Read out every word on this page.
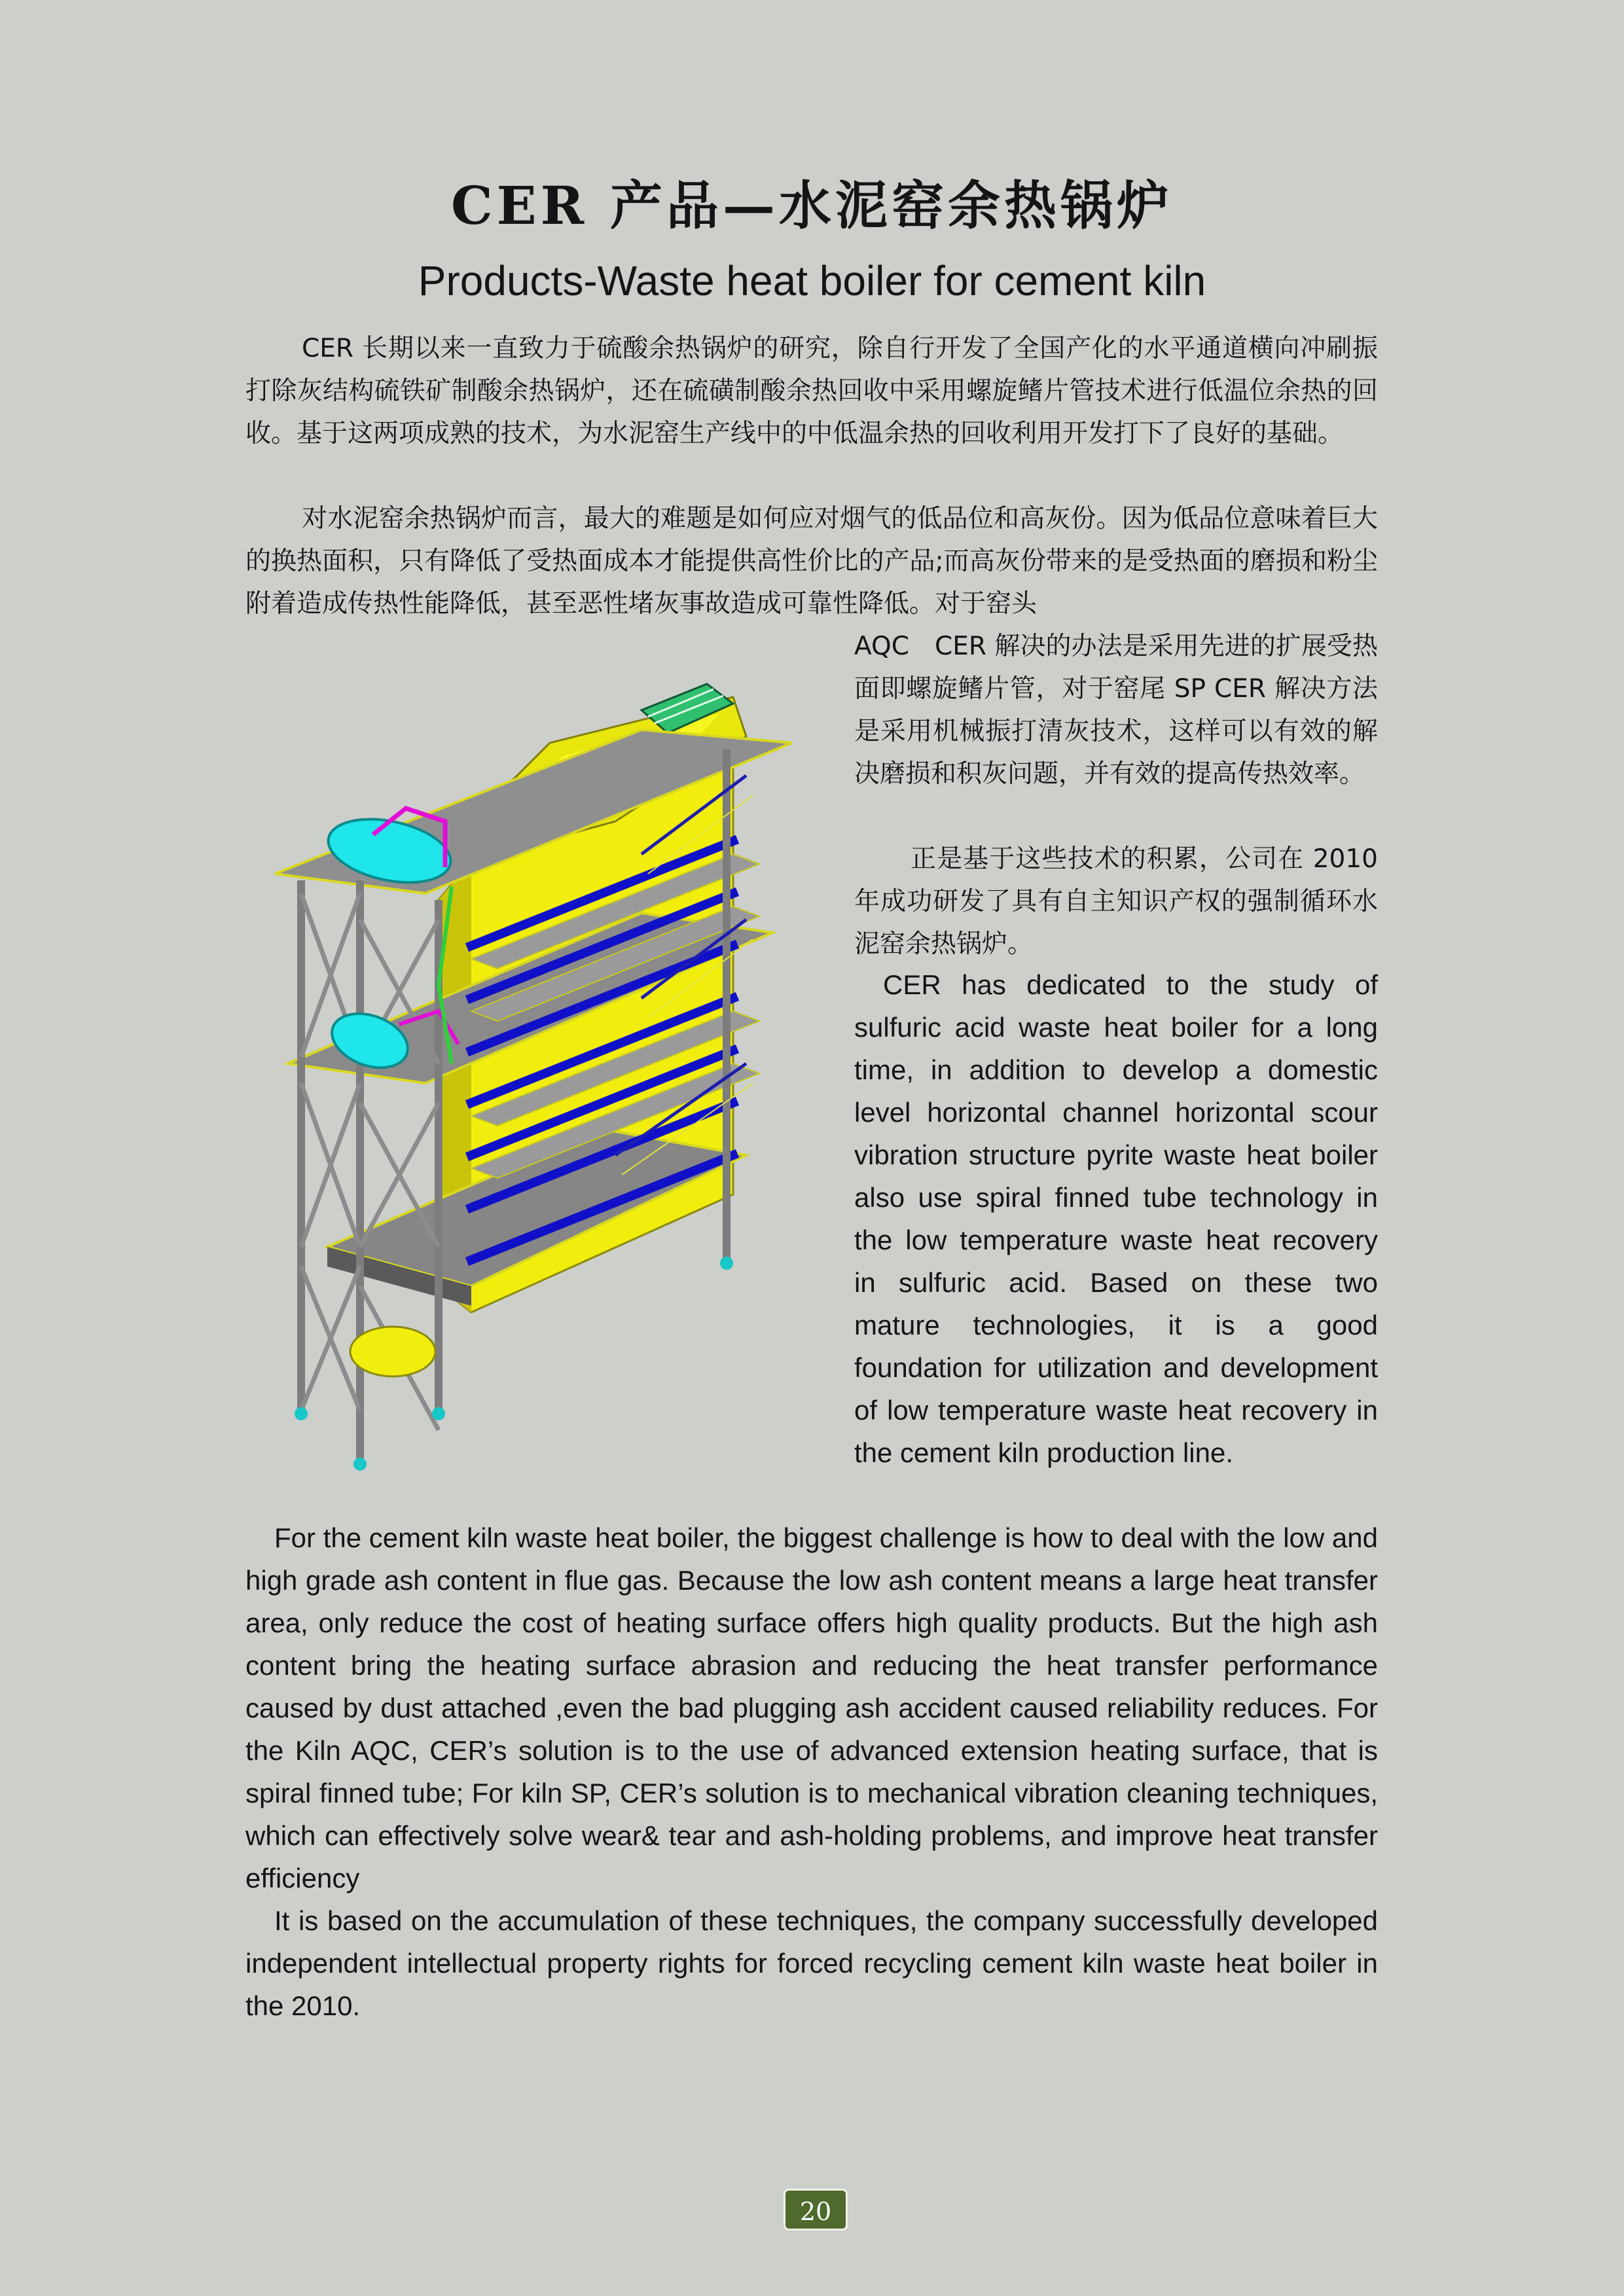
CER 产品—水泥窑余热锅炉
Products-Waste heat boiler for cement kiln

CER 长期以来一直致力于硫酸余热锅炉的研究，除自行开发了全国产化的水平通道横向冲刷振打除灰结构硫铁矿制酸余热锅炉，还在硫磺制酸余热回收中采用螺旋鳍片管技术进行低温位余热的回收。基于这两项成熟的技术，为水泥窑生产线中的中低温余热的回收利用开发打下了良好的基础。

对水泥窑余热锅炉而言，最大的难题是如何应对烟气的低品位和高灰份。因为低品位意味着巨大的换热面积，只有降低了受热面成本才能提供高性价比的产品;而高灰份带来的是受热面的磨损和粉尘附着造成传热性能降低，甚至恶性堵灰事故造成可靠性降低。对于窑头

AQC　CER 解决的办法是采用先进的扩展受热面即螺旋鳍片管，对于窑尾 SP CER 解决方法是采用机械振打清灰技术，这样可以有效的解决磨损和积灰问题，并有效的提高传热效率。

正是基于这些技术的积累，公司在 2010 年成功研发了具有自主知识产权的强制循环水泥窑余热锅炉。

CER has dedicated to the study of sulfuric acid waste heat boiler for a long time, in addition to develop a domestic level horizontal channel horizontal scour vibration structure pyrite waste heat boiler also use spiral finned tube technology in the low temperature waste heat recovery in sulfuric acid. Based on these two mature technologies, it is a good foundation for utilization and development of low temperature waste heat recovery in the cement kiln production line.

For the cement kiln waste heat boiler, the biggest challenge is how to deal with the low and high grade ash content in flue gas. Because the low ash content means a large heat transfer area, only reduce the cost of heating surface offers high quality products. But the high ash content bring the heating surface abrasion and reducing the heat transfer performance caused by dust attached ,even the bad plugging ash accident caused reliability reduces. For the Kiln AQC, CER’s solution is to the use of advanced extension heating surface, that is spiral finned tube; For kiln SP, CER’s solution is to mechanical vibration cleaning techniques, which can effectively solve wear& tear and ash-holding problems, and improve heat transfer efficiency

It is based on the accumulation of these techniques, the company successfully developed independent intellectual property rights for forced recycling cement kiln waste heat boiler in the 2010.

20
